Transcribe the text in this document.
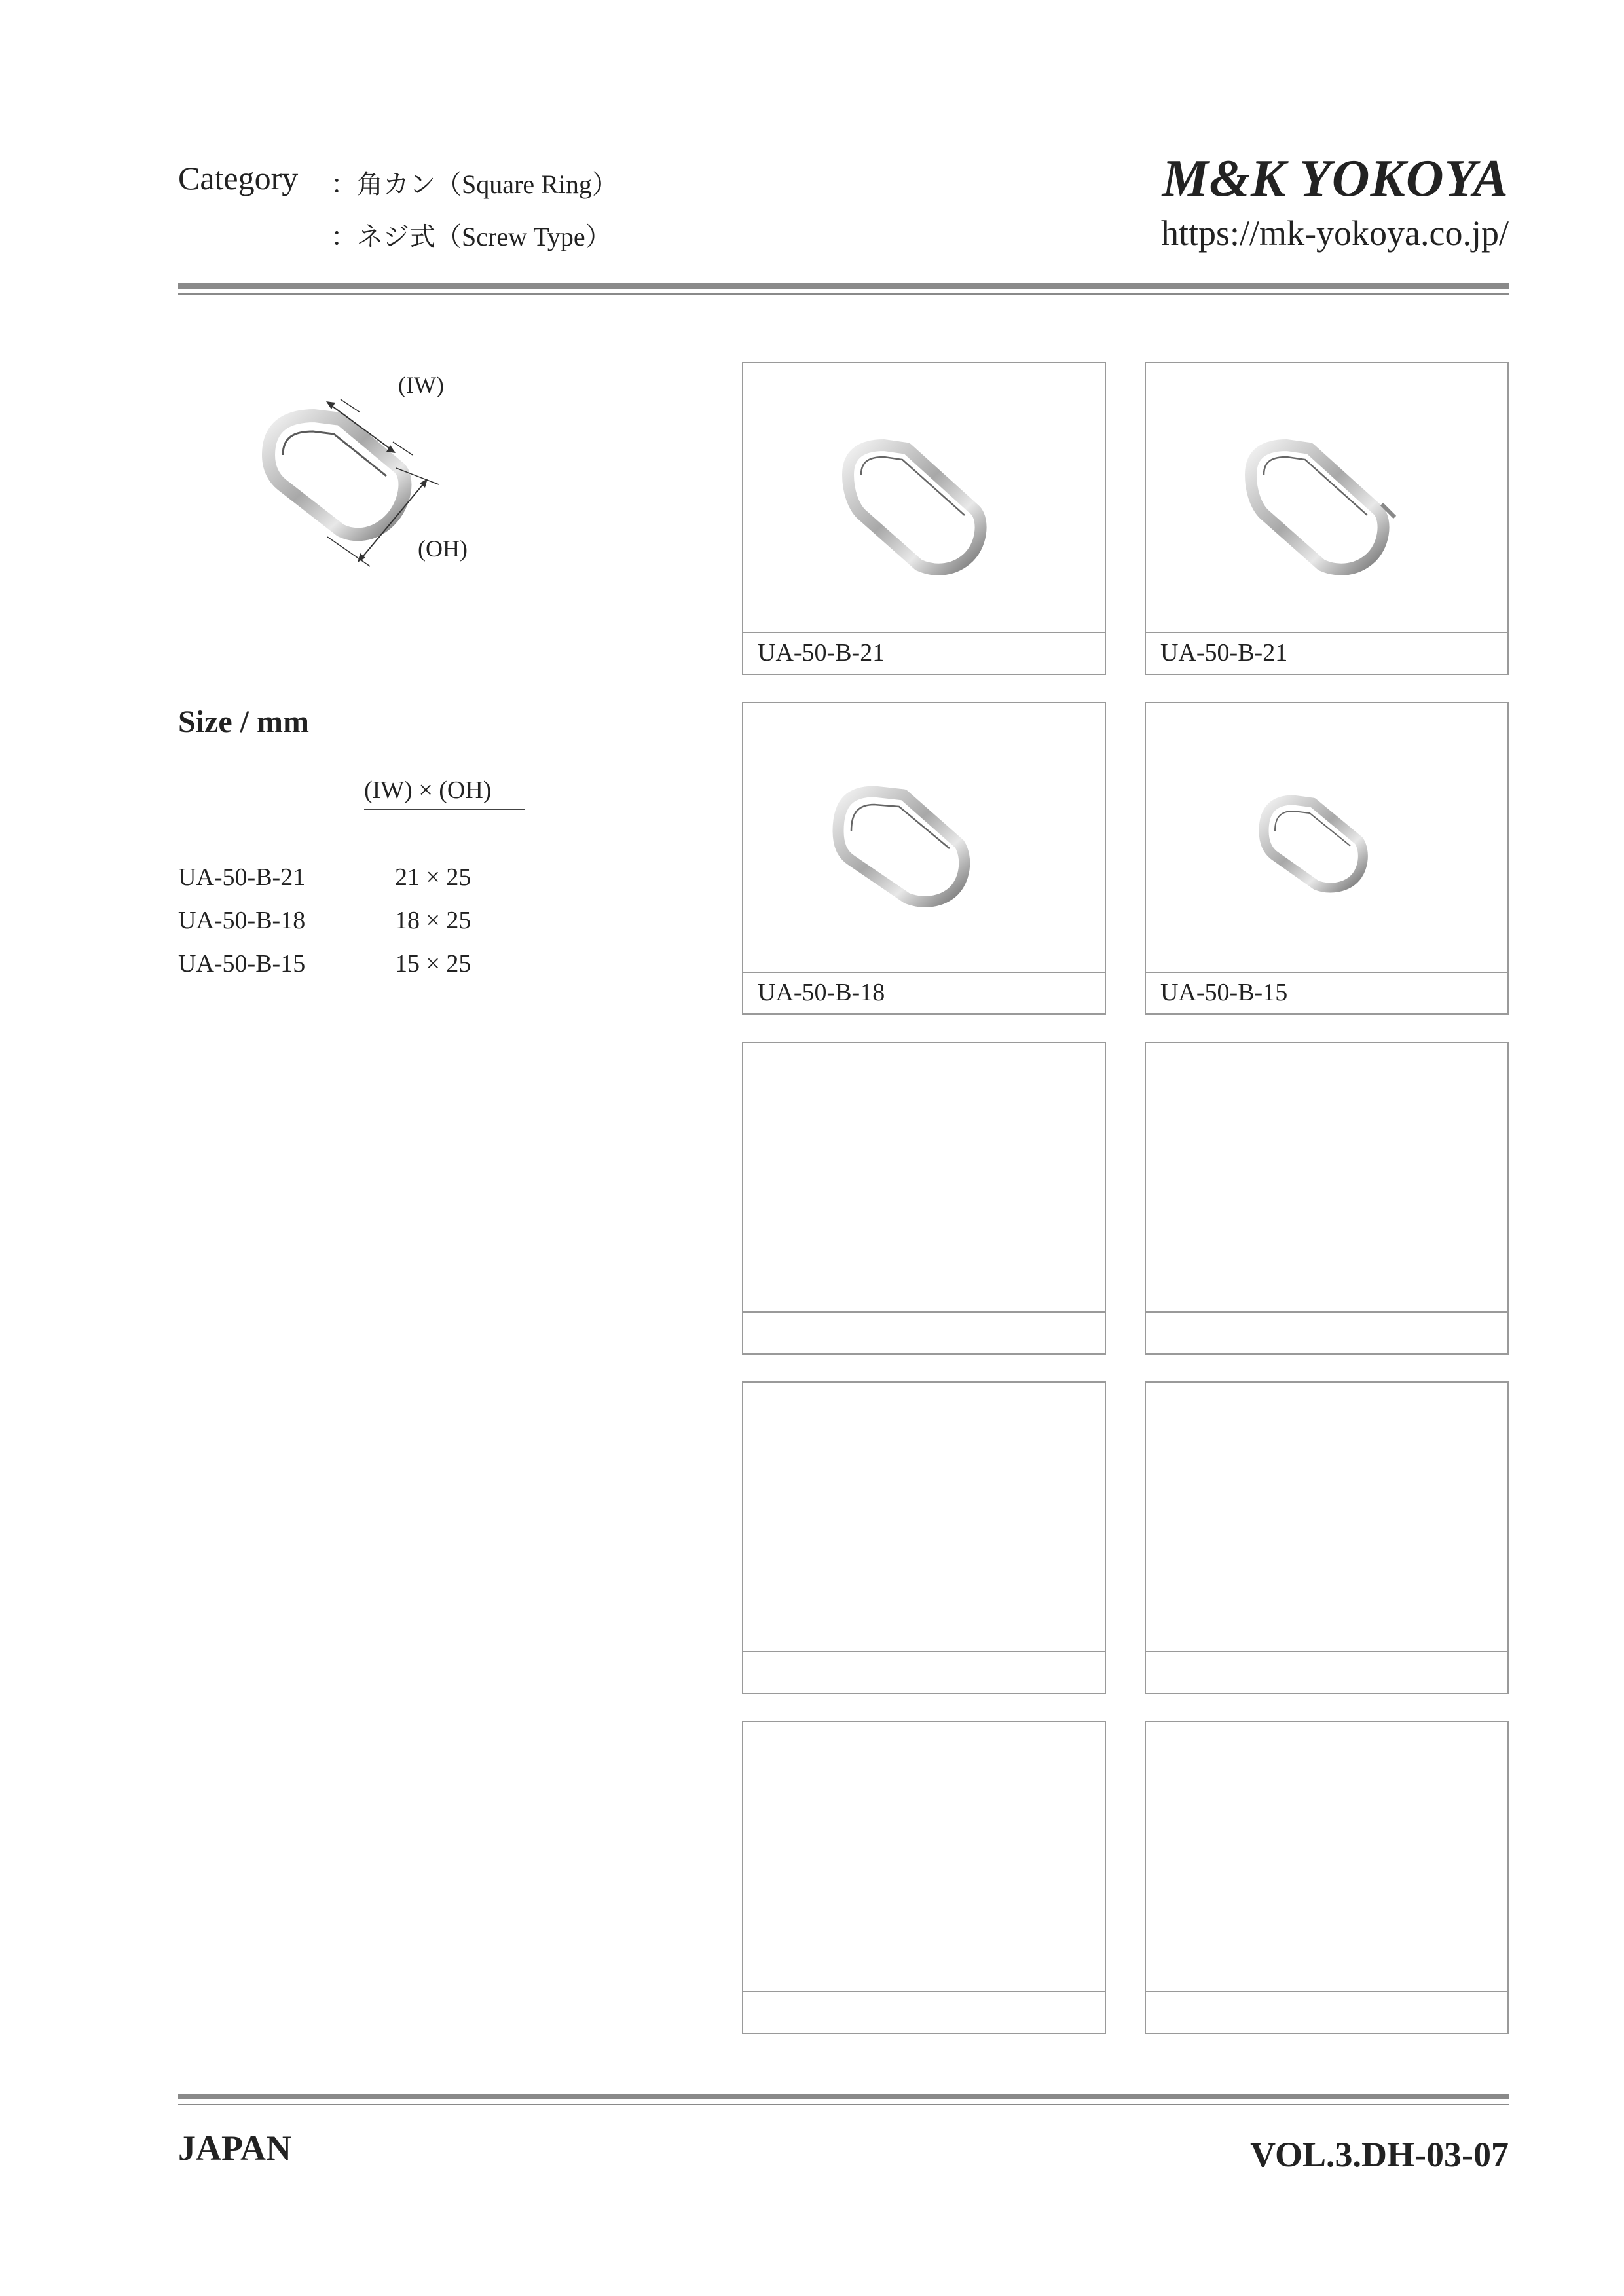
Category ：角カン（Square Ring）
：ネジ式（Screw Type）
M&K YOKOYA
https://mk-yokoya.co.jp/
(IW)
(OH)
Size / mm
(IW) × (OH)
UA-50-B-21	21 × 25
UA-50-B-18	18 × 25
UA-50-B-15	15 × 25
UA-50-B-21	UA-50-B-21
UA-50-B-18	UA-50-B-15
JAPAN	VOL.3.DH-03-07
